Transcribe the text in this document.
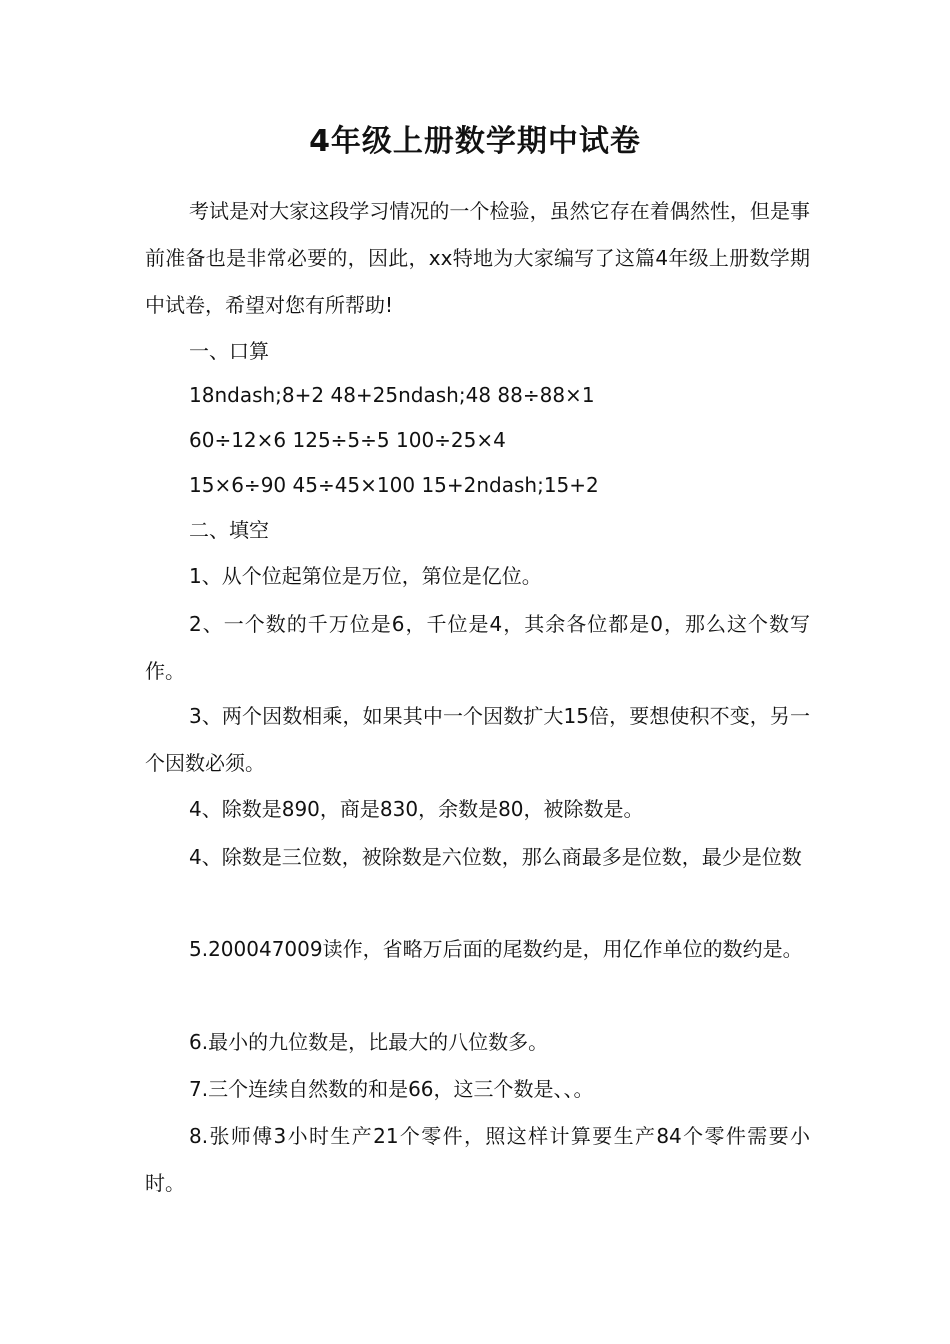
4年级上册数学期中试卷

考试是对大家这段学习情况的一个检验，虽然它存在着偶然性，但是事前准备也是非常必要的，因此，xx特地为大家编写了这篇4年级上册数学期中试卷，希望对您有所帮助!

一、口算
18ndash;8+2 48+25ndash;48 88÷88×1
60÷12×6 125÷5÷5 100÷25×4
15×6÷90 45÷45×100 15+2ndash;15+2
二、填空
1、从个位起第位是万位，第位是亿位。

2、一个数的千万位是6，千位是4，其余各位都是0，那么这个数写作。

3、两个因数相乘，如果其中一个因数扩大15倍，要想使积不变，另一个因数必须。

4、除数是890，商是830，余数是80，被除数是。

4、除数是三位数，被除数是六位数，那么商最多是位数，最少是位数

5.200047009读作，省略万后面的尾数约是，用亿作单位的数约是。

6.最小的九位数是，比最大的八位数多。
7.三个连续自然数的和是66，这三个数是、、。

8.张师傅3小时生产21个零件，照这样计算要生产84个零件需要小时。
